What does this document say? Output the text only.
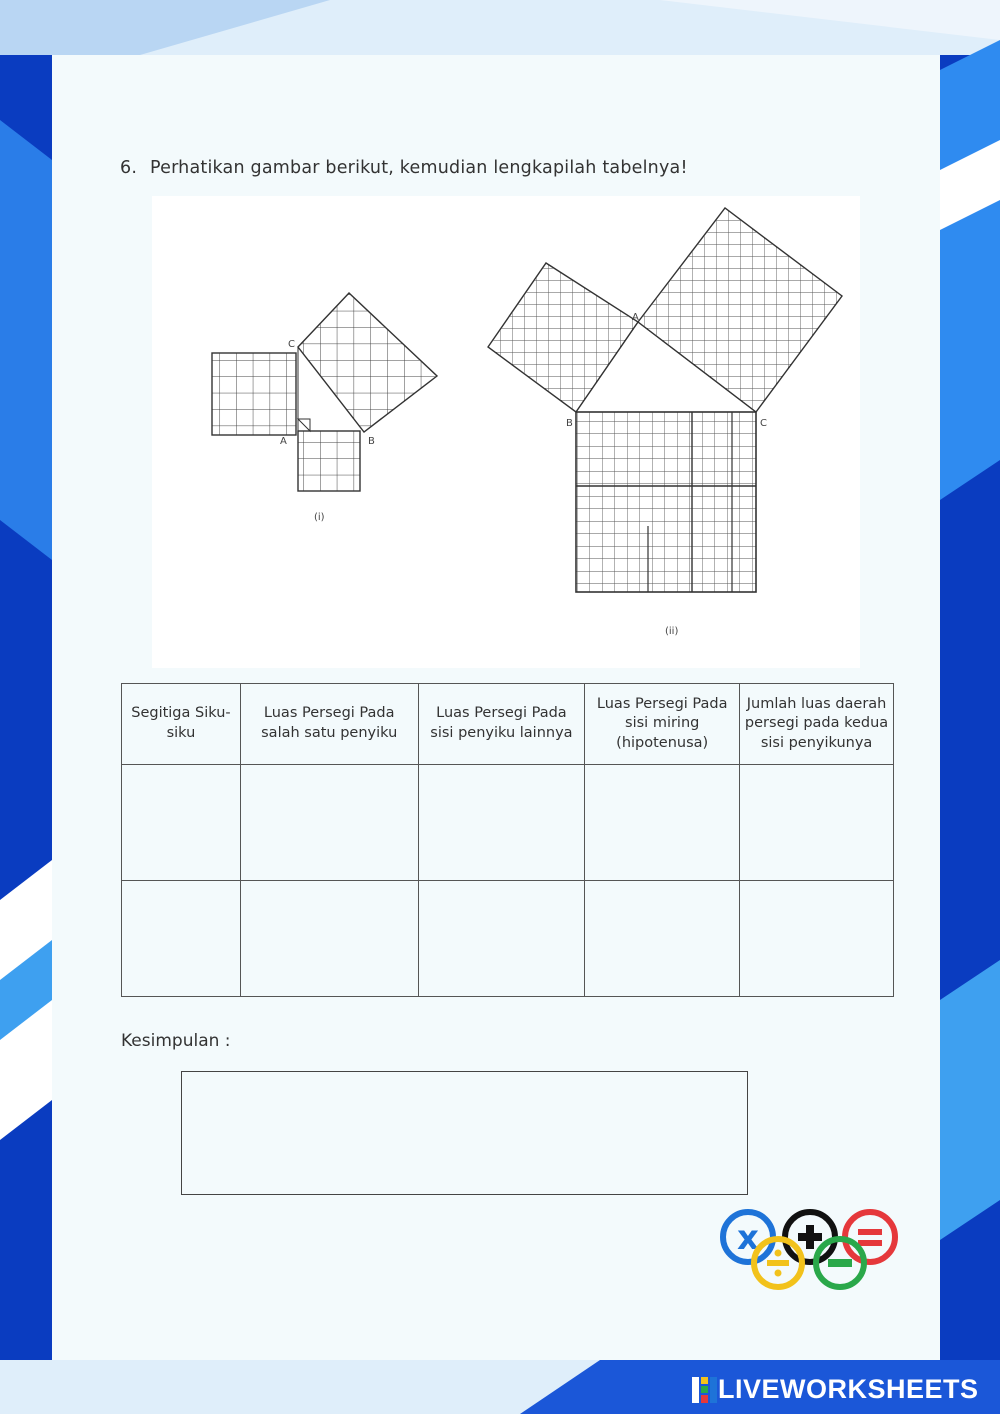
6. Perhatikan gambar berikut, kemudian lengkapilah tabelnya!
C
A	B
(i)
A
B	C
(ii)
Segitiga Siku-siku	Luas Persegi Pada salah satu penyiku	Luas Persegi Pada sisi penyiku lainnya	Luas Persegi Pada sisi miring (hipotenusa)	Jumlah luas daerah persegi pada kedua sisi penyikunya

Kesimpulan :
x
LIVEWORKSHEETS
